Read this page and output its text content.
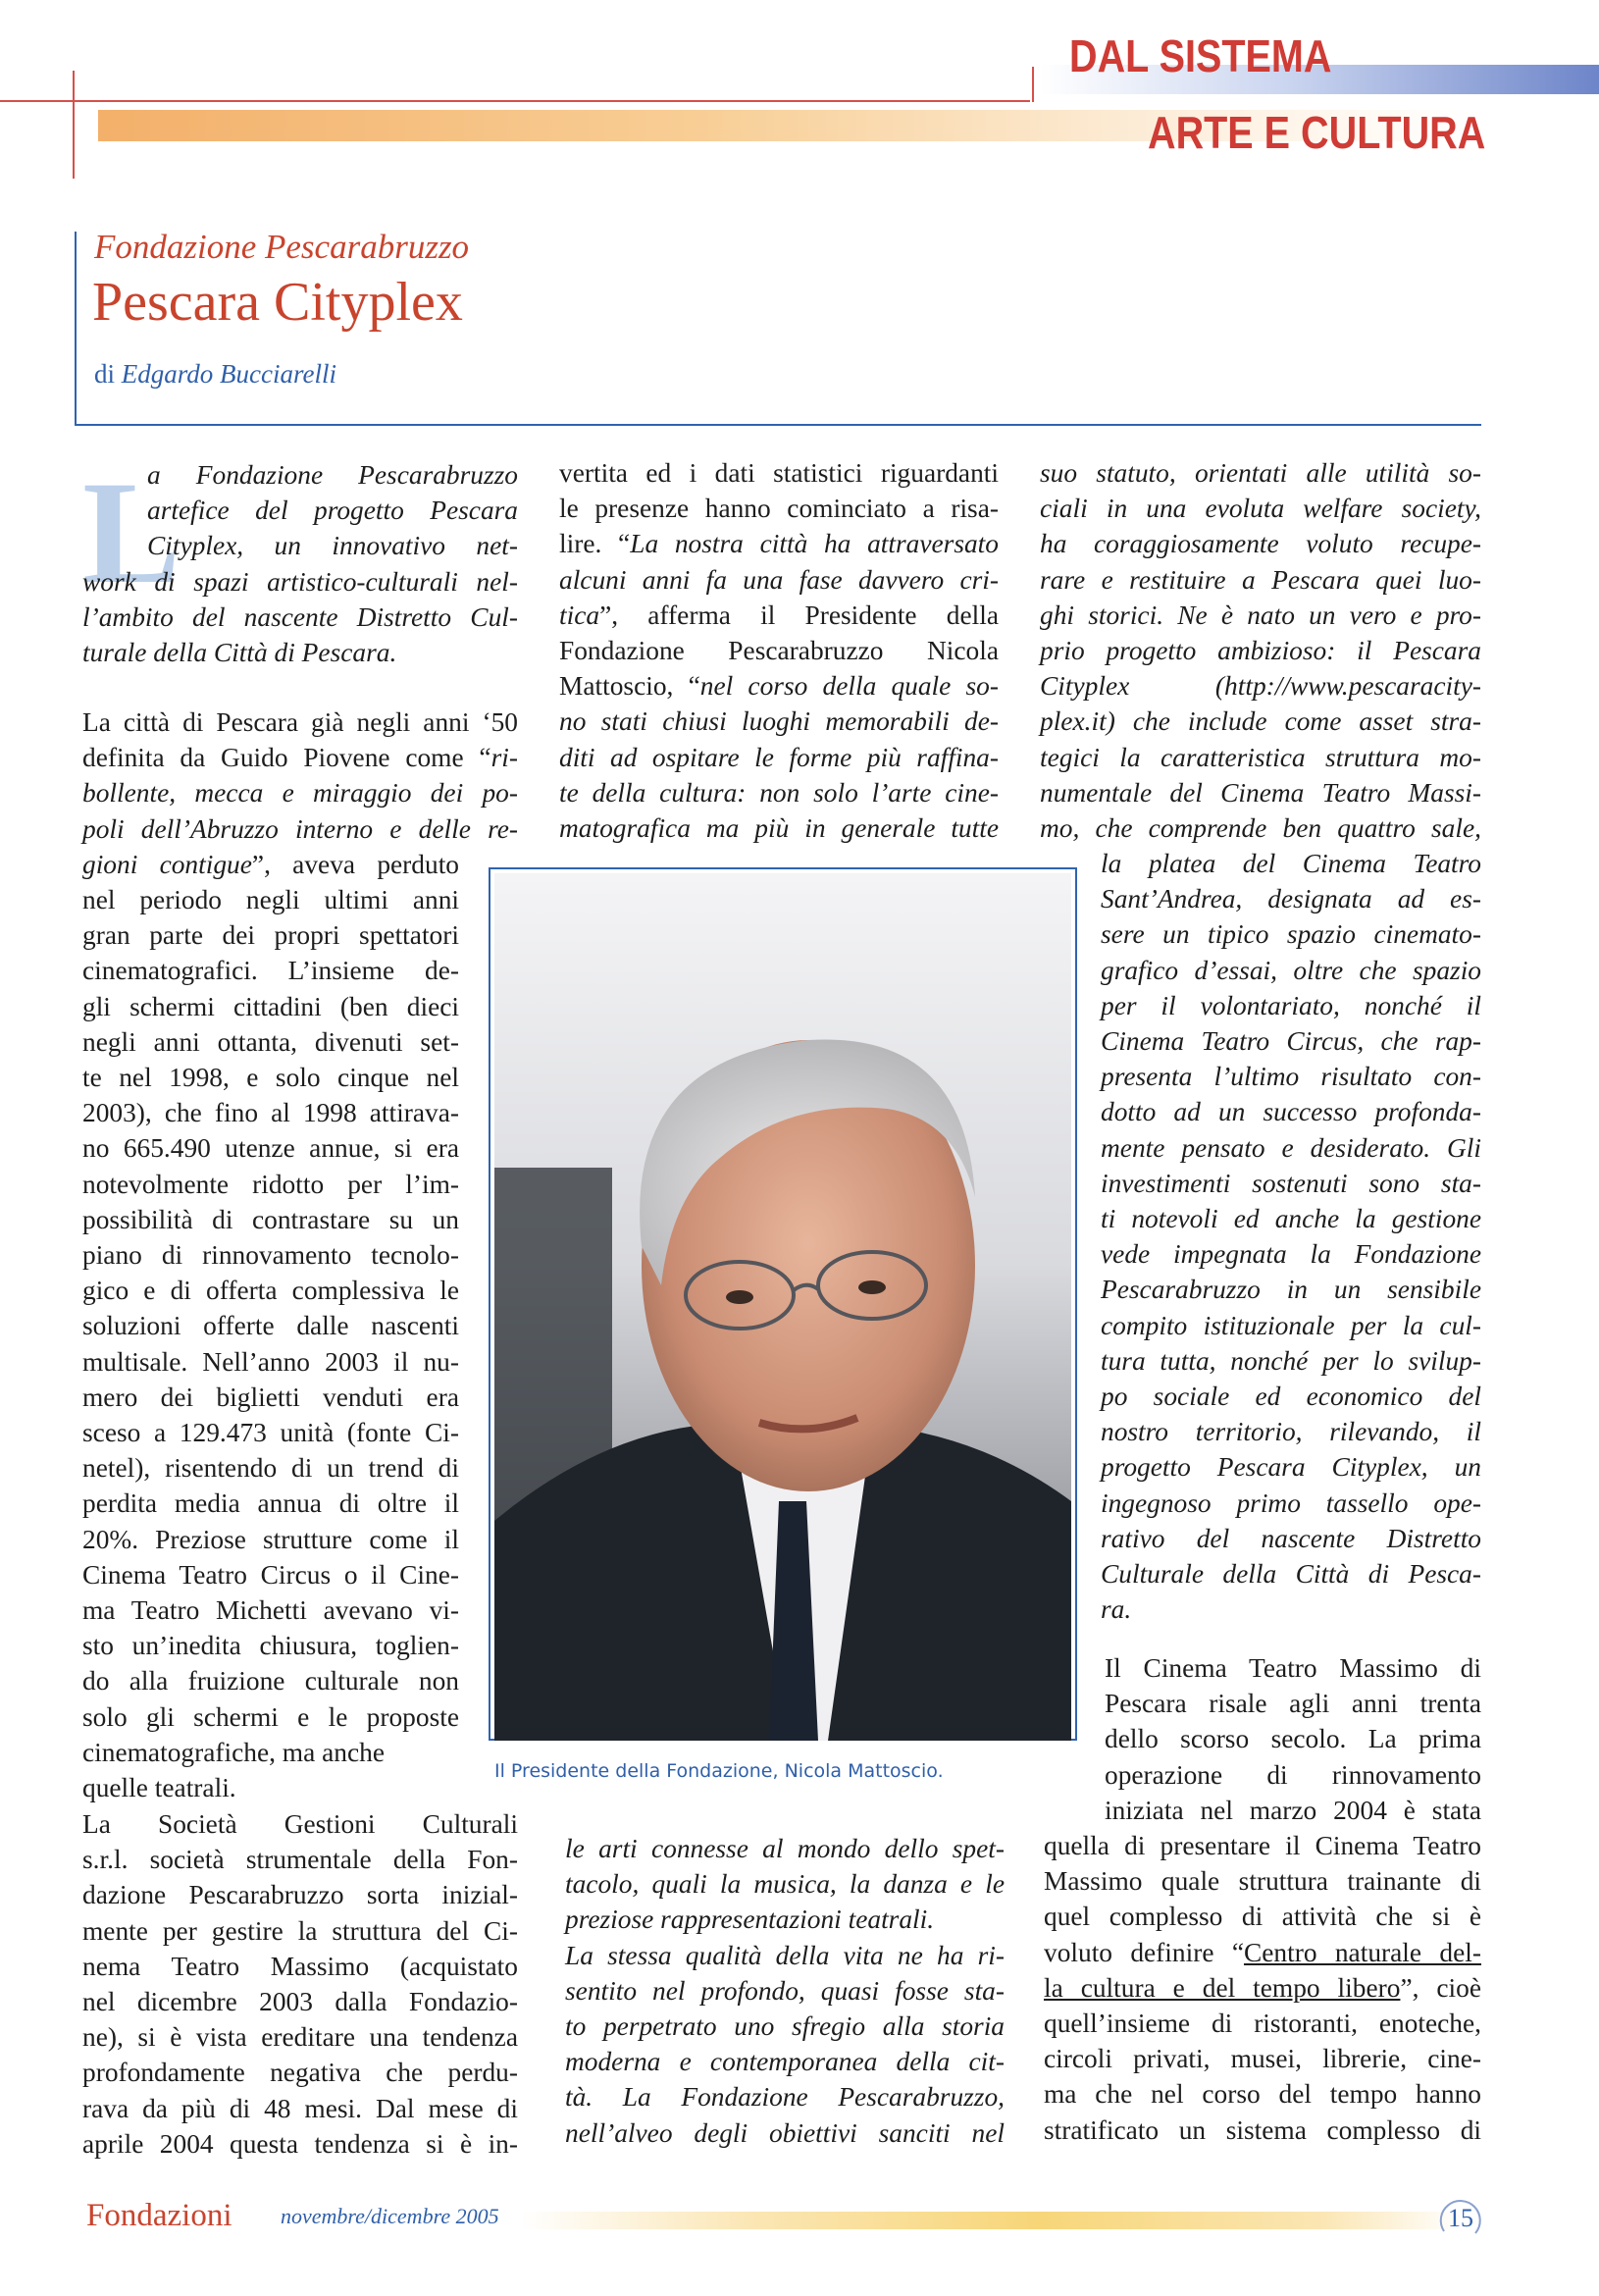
DAL SISTEMA
ARTE E CULTURA
Fondazione Pescarabruzzo
Pescara Cityplex
di Edgardo Bucciarelli
L
a Fondazione Pescarabruzzo
artefice del progetto Pescara
Cityplex, un innovativo net-
work di spazi artistico-culturali nel-
l’ambito del nascente Distretto Cul-
turale della Città di Pescara.
La città di Pescara già negli anni ‘50
definita da Guido Piovene come “ri-
bollente, mecca e miraggio dei po-
poli dell’Abruzzo interno e delle re-
gioni contigue”, aveva perduto
nel periodo negli ultimi anni
gran parte dei propri spettatori
cinematografici. L’insieme de-
gli schermi cittadini (ben dieci
negli anni ottanta, divenuti set-
te nel 1998, e solo cinque nel
2003), che fino al 1998 attirava-
no 665.490 utenze annue, si era
notevolmente ridotto per l’im-
possibilità di contrastare su un
piano di rinnovamento tecnolo-
gico e di offerta complessiva le
soluzioni offerte dalle nascenti
multisale. Nell’anno 2003 il nu-
mero dei biglietti venduti era
sceso a 129.473 unità (fonte Ci-
netel), risentendo di un trend di
perdita media annua di oltre il
20%. Preziose strutture come il
Cinema Teatro Circus o il Cine-
ma Teatro Michetti avevano vi-
sto un’inedita chiusura, toglien-
do alla fruizione culturale non
solo gli schermi e le proposte
cinematografiche, ma anche
quelle teatrali.
La Società Gestioni Culturali
s.r.l. società strumentale della Fon-
dazione Pescarabruzzo sorta inizial-
mente per gestire la struttura del Ci-
nema Teatro Massimo (acquistato
nel dicembre 2003 dalla Fondazio-
ne), si è vista ereditare una tendenza
profondamente negativa che perdu-
rava da più di 48 mesi. Dal mese di
aprile 2004 questa tendenza si è in-
vertita ed i dati statistici riguardanti
le presenze hanno cominciato a risa-
lire. “La nostra città ha attraversato
alcuni anni fa una fase davvero cri-
tica”, afferma il Presidente della
Fondazione Pescarabruzzo Nicola
Mattoscio, “nel corso della quale so-
no stati chiusi luoghi memorabili de-
diti ad ospitare le forme più raffina-
te della cultura: non solo l’arte cine-
matografica ma più in generale tutte
Il Presidente della Fondazione, Nicola Mattoscio.
le arti connesse al mondo dello spet-
tacolo, quali la musica, la danza e le
preziose rappresentazioni teatrali.
La stessa qualità della vita ne ha ri-
sentito nel profondo, quasi fosse sta-
to perpetrato uno sfregio alla storia
moderna e contemporanea della cit-
tà. La Fondazione Pescarabruzzo,
nell’alveo degli obiettivi sanciti nel
suo statuto, orientati alle utilità so-
ciali in una evoluta welfare society,
ha coraggiosamente voluto recupe-
rare e restituire a Pescara quei luo-
ghi storici. Ne è nato un vero e pro-
prio progetto ambizioso: il Pescara
Cityplex (http://www.pescaracity-
plex.it) che include come asset stra-
tegici la caratteristica struttura mo-
numentale del Cinema Teatro Massi-
mo, che comprende ben quattro sale,
la platea del Cinema Teatro
Sant’Andrea, designata ad es-
sere un tipico spazio cinemato-
grafico d’essai, oltre che spazio
per il volontariato, nonché il
Cinema Teatro Circus, che rap-
presenta l’ultimo risultato con-
dotto ad un successo profonda-
mente pensato e desiderato. Gli
investimenti sostenuti sono sta-
ti notevoli ed anche la gestione
vede impegnata la Fondazione
Pescarabruzzo in un sensibile
compito istituzionale per la cul-
tura tutta, nonché per lo svilup-
po sociale ed economico del
nostro territorio, rilevando, il
progetto Pescara Cityplex, un
ingegnoso primo tassello ope-
rativo del nascente Distretto
Culturale della Città di Pesca-
ra.
Il Cinema Teatro Massimo di
Pescara risale agli anni trenta
dello scorso secolo. La prima
operazione di rinnovamento
iniziata nel marzo 2004 è stata
quella di presentare il Cinema Teatro
Massimo quale struttura trainante di
quel complesso di attività che si è
voluto definire “Centro naturale del-
la cultura e del tempo libero”, cioè
quell’insieme di ristoranti, enoteche,
circoli privati, musei, librerie, cine-
ma che nel corso del tempo hanno
stratificato un sistema complesso di
Fondazioni novembre/dicembre 2005	15
